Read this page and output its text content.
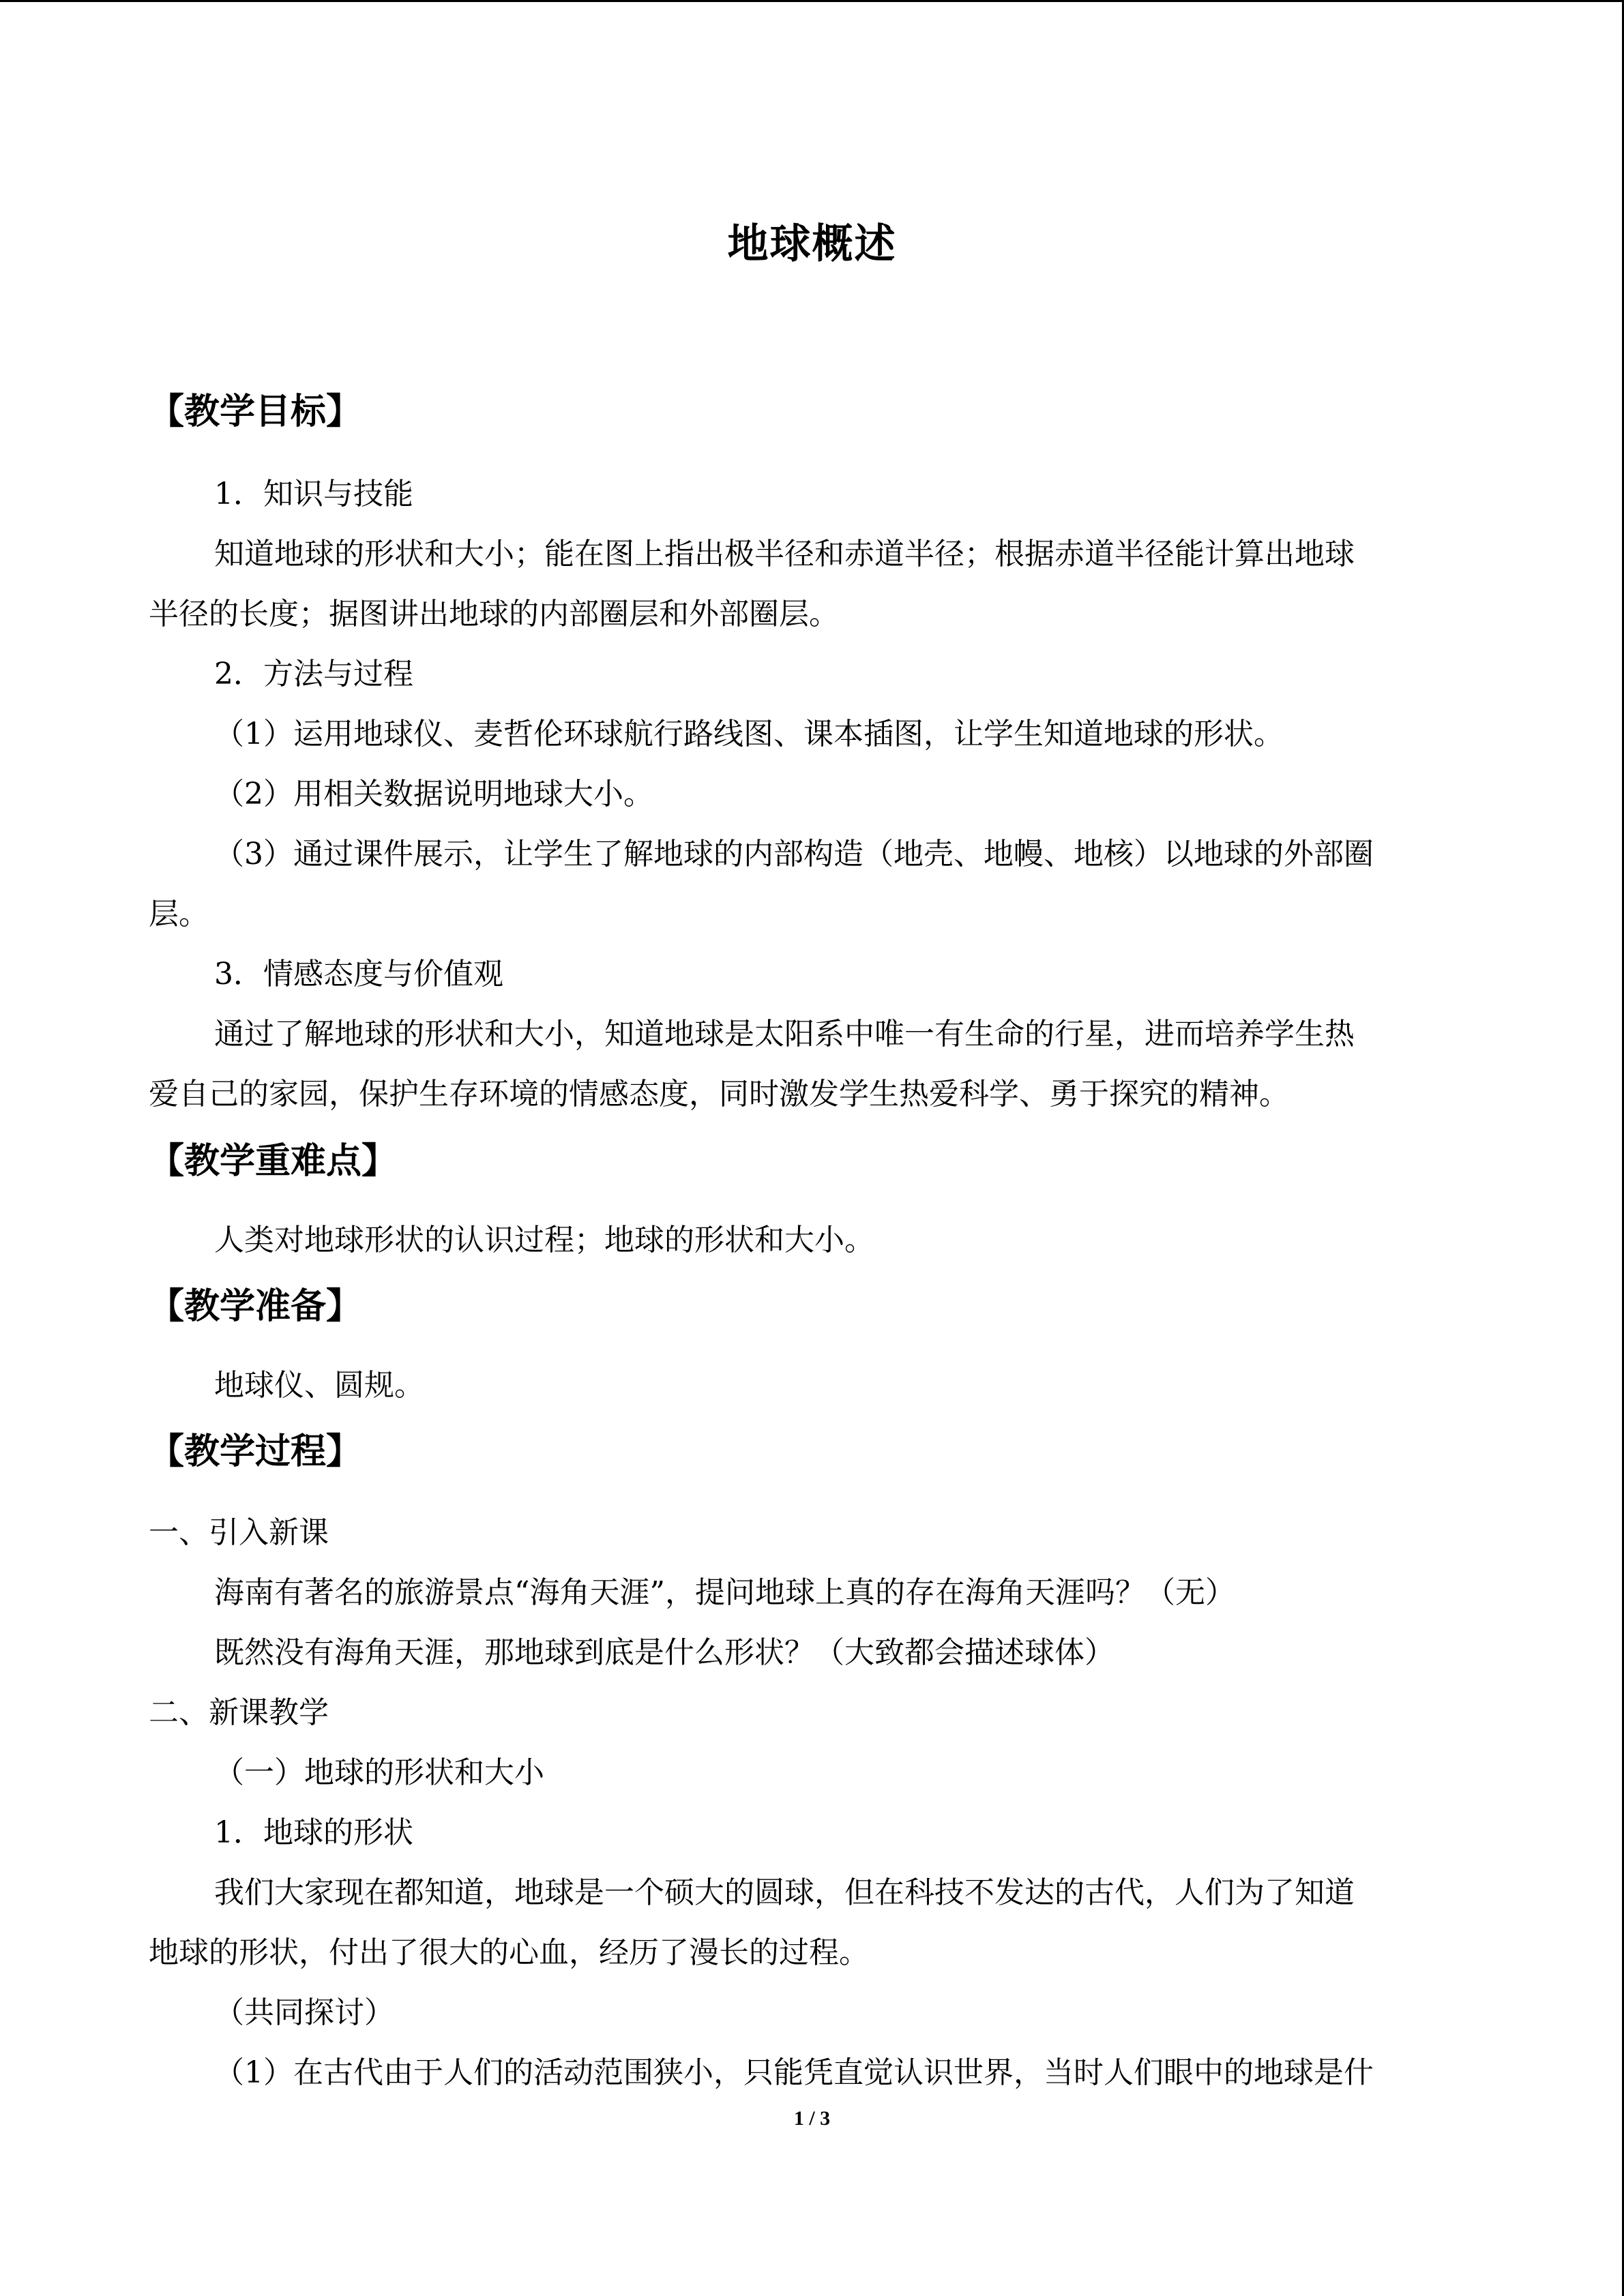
地球概述
【教学目标】
1．知识与技能
知道地球的形状和大小；能在图上指出极半径和赤道半径；根据赤道半径能计算出地球
半径的长度；据图讲出地球的内部圈层和外部圈层。
2．方法与过程
（1）运用地球仪、麦哲伦环球航行路线图、课本插图，让学生知道地球的形状。
（2）用相关数据说明地球大小。
（3）通过课件展示，让学生了解地球的内部构造（地壳、地幔、地核）以地球的外部圈
层。
3．情感态度与价值观
通过了解地球的形状和大小，知道地球是太阳系中唯一有生命的行星，进而培养学生热
爱自己的家园，保护生存环境的情感态度，同时激发学生热爱科学、勇于探究的精神。
【教学重难点】
人类对地球形状的认识过程；地球的形状和大小。
【教学准备】
地球仪、圆规。
【教学过程】
一、引入新课
海南有著名的旅游景点“海角天涯”，提问地球上真的存在海角天涯吗？（无）
既然没有海角天涯，那地球到底是什么形状？（大致都会描述球体）
二、新课教学
（一）地球的形状和大小
1．地球的形状
我们大家现在都知道，地球是一个硕大的圆球，但在科技不发达的古代，人们为了知道
地球的形状，付出了很大的心血，经历了漫长的过程。
（共同探讨）
（1）在古代由于人们的活动范围狭小，只能凭直觉认识世界，当时人们眼中的地球是什
1 / 3
